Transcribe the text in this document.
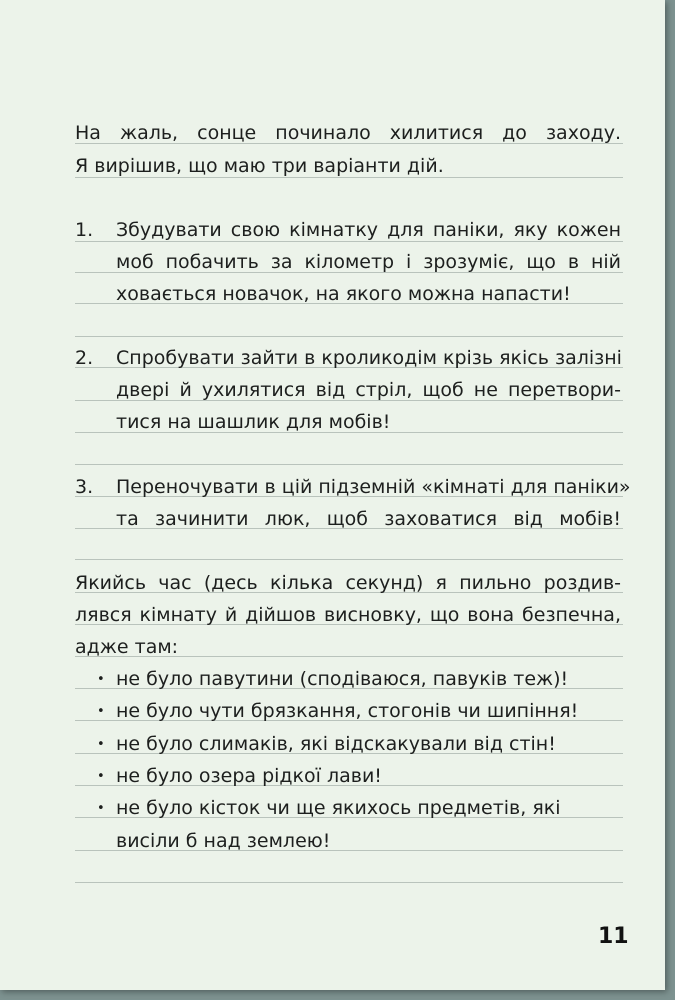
На жаль, сонце починало хилитися до заходу.
Я вирішив, що маю три варіанти дій.
1. Збудувати свою кімнатку для паніки, яку кожен
моб побачить за кілометр і зрозуміє, що в ній
ховається новачок, на якого можна напасти!
2. Спробувати зайти в кроликодім крізь якісь залізні
двері й ухилятися від стріл, щоб не перетвори-
тися на шашлик для мобів!
3. Переночувати в цій підземній «кімнаті для паніки»
та зачинити люк, щоб заховатися від мобів!
Якийсь час (десь кілька секунд) я пильно роздив-
лявся кімнату й дійшов висновку, що вона безпечна,
адже там:
• не було павутини (сподіваюся, павуків теж)!
• не було чути брязкання, стогонів чи шипіння!
• не було слимаків, які відскакували від стін!
• не було озера рідкої лави!
• не було кісток чи ще якихось предметів, які
висіли б над землею!
11
